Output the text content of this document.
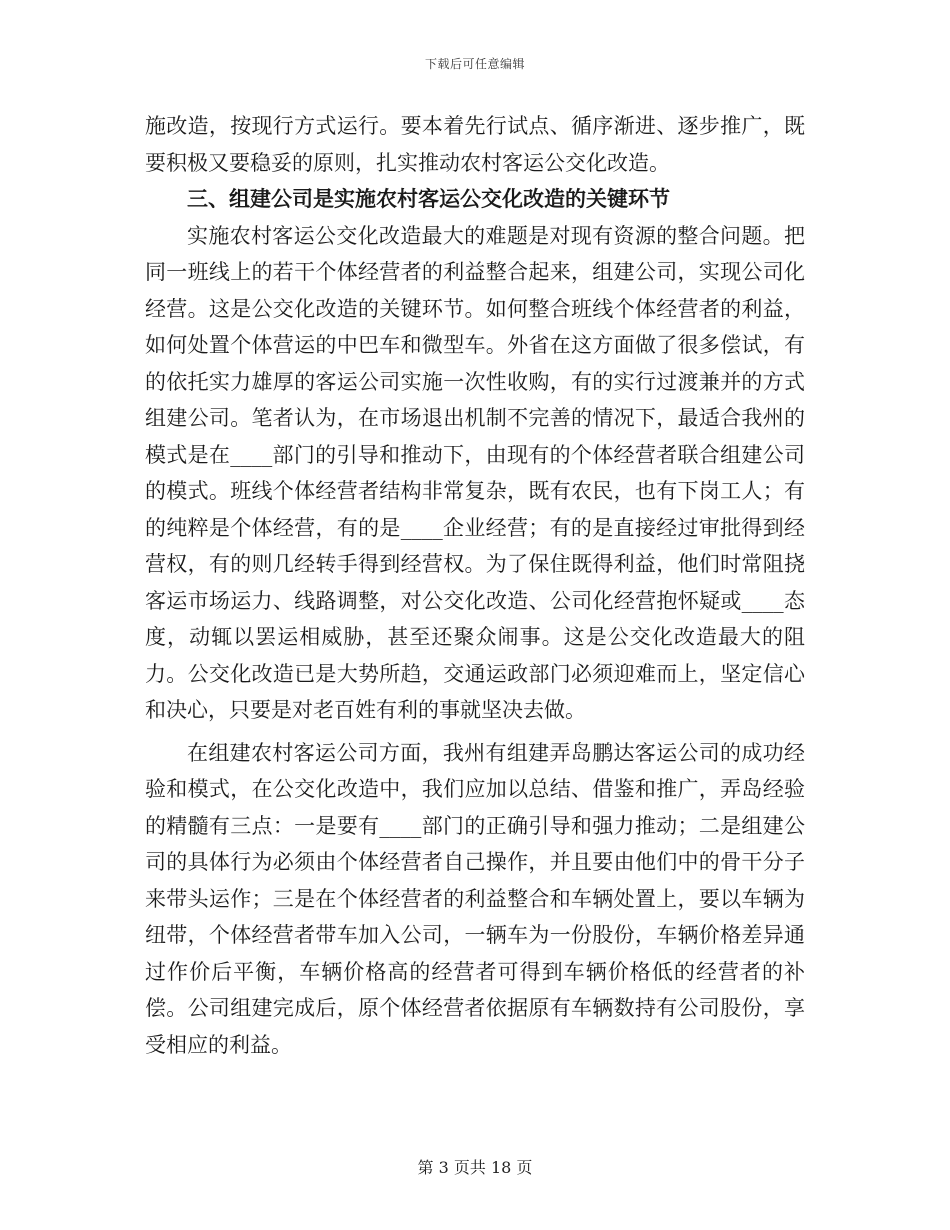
下载后可任意编辑

施改造，按现行方式运行。要本着先行试点、循序渐进、逐步推广，既要积极又要稳妥的原则，扎实推动农村客运公交化改造。

三、组建公司是实施农村客运公交化改造的关键环节

实施农村客运公交化改造最大的难题是对现有资源的整合问题。把同一班线上的若干个体经营者的利益整合起来，组建公司，实现公司化经营。这是公交化改造的关键环节。如何整合班线个体经营者的利益，如何处置个体营运的中巴车和微型车。外省在这方面做了很多偿试，有的依托实力雄厚的客运公司实施一次性收购，有的实行过渡兼并的方式组建公司。笔者认为，在市场退出机制不完善的情况下，最适合我州的模式是在____部门的引导和推动下，由现有的个体经营者联合组建公司的模式。班线个体经营者结构非常复杂，既有农民，也有下岗工人；有的纯粹是个体经营，有的是____企业经营；有的是直接经过审批得到经营权，有的则几经转手得到经营权。为了保住既得利益，他们时常阻挠客运市场运力、线路调整，对公交化改造、公司化经营抱怀疑或____态度，动辄以罢运相威胁，甚至还聚众闹事。这是公交化改造最大的阻力。公交化改造已是大势所趋，交通运政部门必须迎难而上，坚定信心和决心，只要是对老百姓有利的事就坚决去做。

在组建农村客运公司方面，我州有组建弄岛鹏达客运公司的成功经验和模式，在公交化改造中，我们应加以总结、借鉴和推广，弄岛经验的精髓有三点：一是要有____部门的正确引导和强力推动；二是组建公司的具体行为必须由个体经营者自己操作，并且要由他们中的骨干分子来带头运作；三是在个体经营者的利益整合和车辆处置上，要以车辆为纽带，个体经营者带车加入公司，一辆车为一份股份，车辆价格差异通过作价后平衡，车辆价格高的经营者可得到车辆价格低的经营者的补偿。公司组建完成后，原个体经营者依据原有车辆数持有公司股份，享受相应的利益。

第 3 页共 18 页
